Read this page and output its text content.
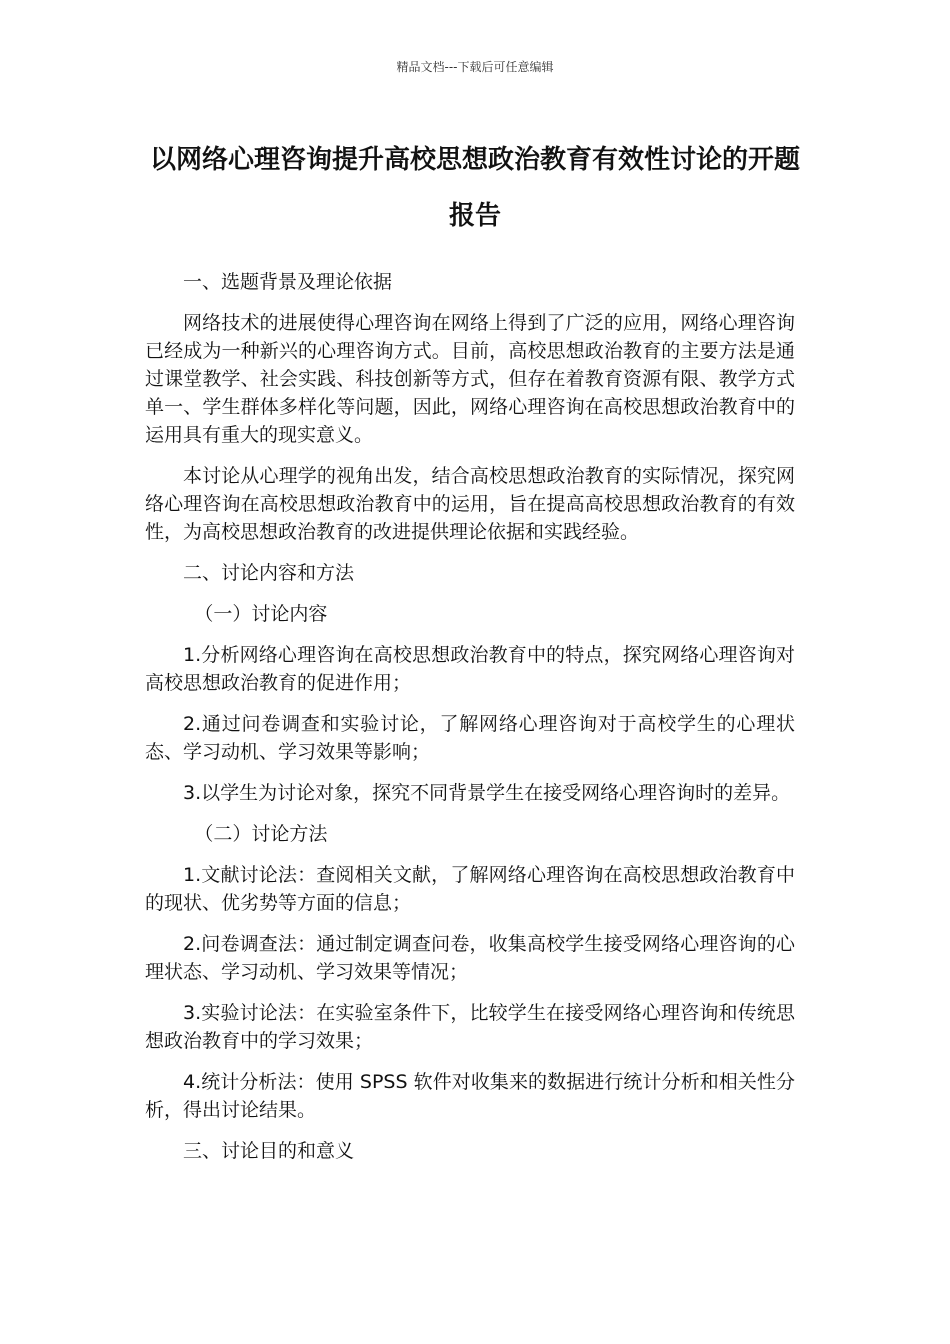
精品文档---下载后可任意编辑
以网络心理咨询提升高校思想政治教育有效性讨论的开题报告
一、选题背景及理论依据

网络技术的进展使得心理咨询在网络上得到了广泛的应用，网络心理咨询已经成为一种新兴的心理咨询方式。目前，高校思想政治教育的主要方法是通过课堂教学、社会实践、科技创新等方式，但存在着教育资源有限、教学方式单一、学生群体多样化等问题，因此，网络心理咨询在高校思想政治教育中的运用具有重大的现实意义。

本讨论从心理学的视角出发，结合高校思想政治教育的实际情况，探究网络心理咨询在高校思想政治教育中的运用，旨在提高高校思想政治教育的有效性，为高校思想政治教育的改进提供理论依据和实践经验。

二、讨论内容和方法
（一）讨论内容

1.分析网络心理咨询在高校思想政治教育中的特点，探究网络心理咨询对高校思想政治教育的促进作用；

2.通过问卷调查和实验讨论，了解网络心理咨询对于高校学生的心理状态、学习动机、学习效果等影响；

3.以学生为讨论对象，探究不同背景学生在接受网络心理咨询时的差异。

（二）讨论方法

1.文献讨论法：查阅相关文献，了解网络心理咨询在高校思想政治教育中的现状、优劣势等方面的信息；

2.问卷调查法：通过制定调查问卷，收集高校学生接受网络心理咨询的心理状态、学习动机、学习效果等情况；

3.实验讨论法：在实验室条件下，比较学生在接受网络心理咨询和传统思想政治教育中的学习效果；

4.统计分析法：使用 SPSS 软件对收集来的数据进行统计分析和相关性分析，得出讨论结果。

三、讨论目的和意义
